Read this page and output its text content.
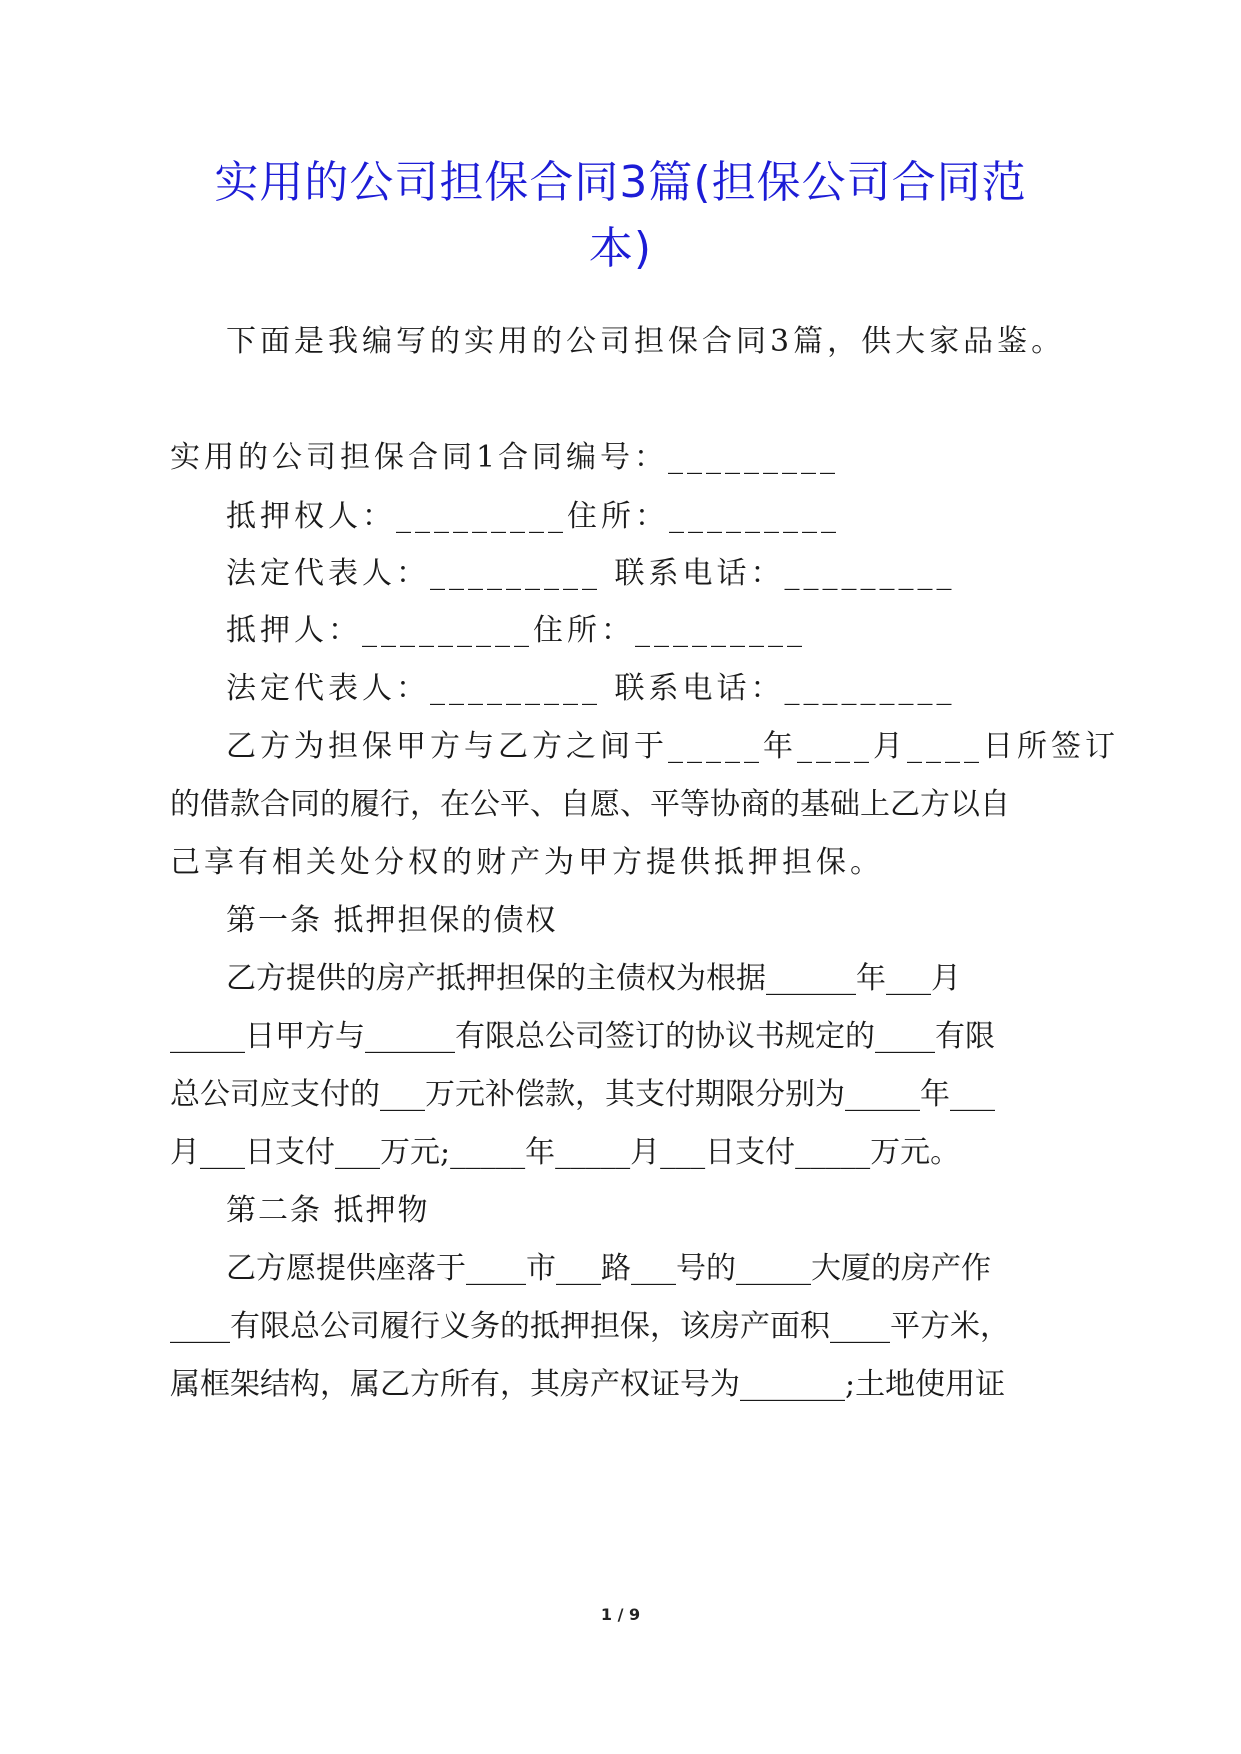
实用的公司担保合同3篇(担保公司合同范
本)

下面是我编写的实用的公司担保合同3篇，供大家品鉴。

实用的公司担保合同1

合同编号：_________

抵押权人：_________住所：_________

法定代表人：_________ 联系电话：_________

抵押人：_________住所：_________

法定代表人：_________ 联系电话：_________

乙方为担保甲方与乙方之间于_____年____月____日所签订

的借款合同的履行，在公平、自愿、平等协商的基础上乙方以自

己享有相关处分权的财产为甲方提供抵押担保。

第一条 抵押担保的债权

乙方提供的房产抵押担保的主债权为根据______年___月

_____日甲方与______有限总公司签订的协议书规定的____有限

总公司应支付的___万元补偿款，其支付期限分别为_____年___

月___日支付___万元;_____年_____月___日支付_____万元。

第二条 抵押物

乙方愿提供座落于____市___路___号的_____大厦的房产作

____有限总公司履行义务的抵押担保，该房产面积____平方米，

属框架结构，属乙方所有，其房产权证号为_______;土地使用证

1 / 9
